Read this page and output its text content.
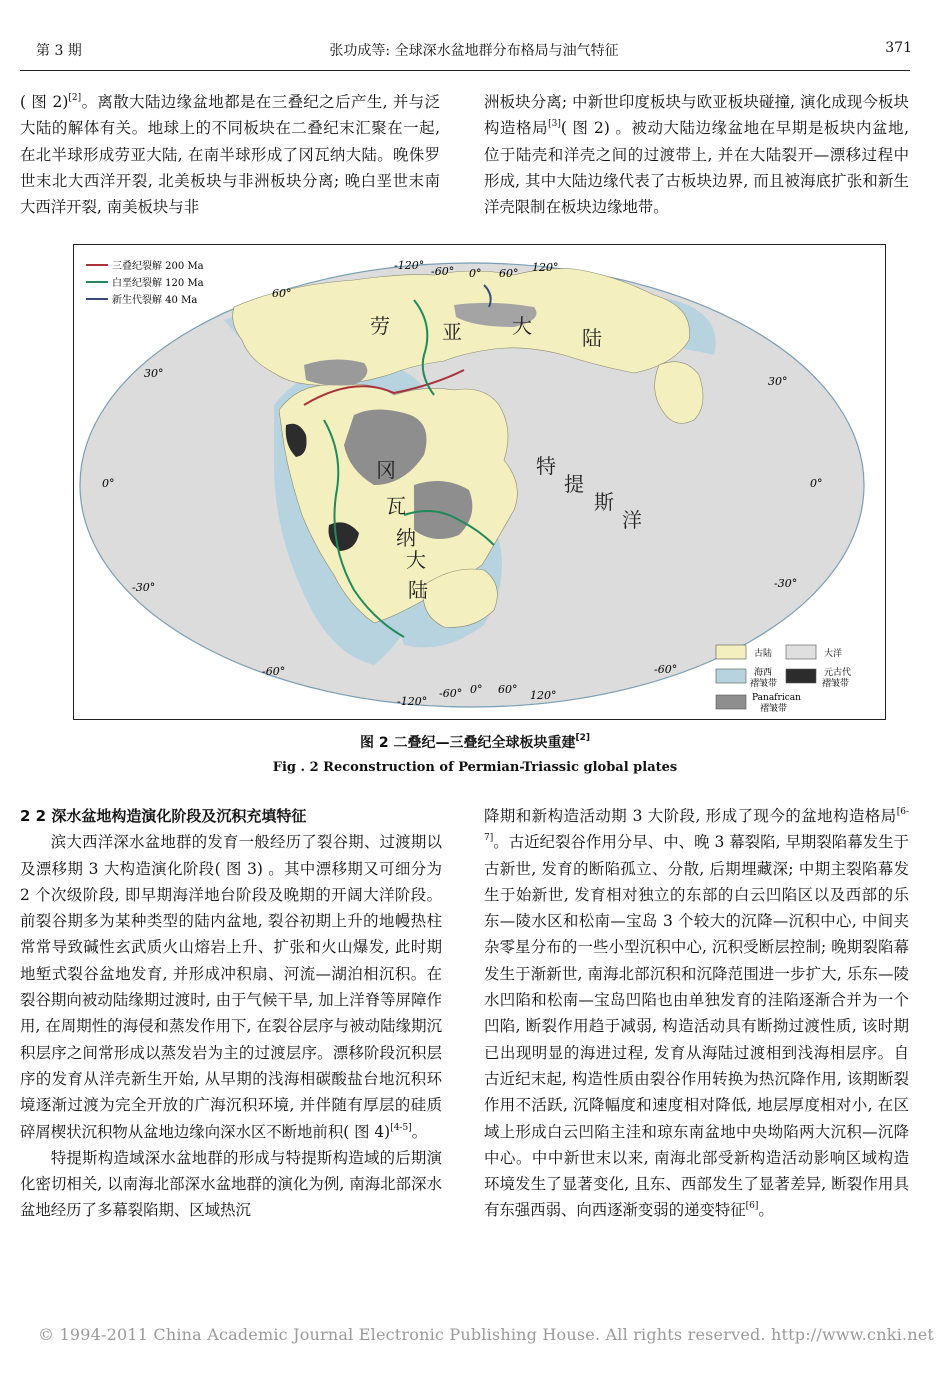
第 3 期	张功成等: 全球深水盆地群分布格局与油气特征	371

( 图 2)[2]。离散大陆边缘盆地都是在三叠纪之后产生, 并与泛大陆的解体有关。地球上的不同板块在二叠纪末汇聚在一起, 在北半球形成劳亚大陆, 在南半球形成了冈瓦纳大陆。晚侏罗世末北大西洋开裂, 北美板块与非洲板块分离; 晚白垩世末南大西洋开裂, 南美板块与非

洲板块分离; 中新世印度板块与欧亚板块碰撞, 演化成现今板块构造格局[3]( 图 2) 。被动大陆边缘盆地在早期是板块内盆地, 位于陆壳和洋壳之间的过渡带上, 并在大陆裂开—漂移过程中形成, 其中大陆边缘代表了古板块边界, 而且被海底扩张和新生洋壳限制在板块边缘地带。

三叠纪裂解 200 Ma
白垩纪裂解 120 Ma
新生代裂解 40 Ma
-120° -60° 0° 60° 120°
-120°
-60° 0° 60° 120°
60°
30°
30°
0°	0°
-30°	-30°
-60°	-60°
劳	亚	大	陆
冈
瓦
纳
大
陆
特
提
斯
洋
古陆	大洋
海西
褶皱带
元古代
褶皱带
Panafrican
褶皱带
图 2 二叠纪—三叠纪全球板块重建[2]
Fig . 2 Reconstruction of Permian-Triassic global plates

2 2 深水盆地构造演化阶段及沉积充填特征

滨大西洋深水盆地群的发育一般经历了裂谷期、过渡期以及漂移期 3 大构造演化阶段( 图 3) 。其中漂移期又可细分为 2 个次级阶段, 即早期海洋地台阶段及晚期的开阔大洋阶段。前裂谷期多为某种类型的陆内盆地, 裂谷初期上升的地幔热柱常常导致碱性玄武质火山熔岩上升、扩张和火山爆发, 此时期地堑式裂谷盆地发育, 并形成冲积扇、河流—湖泊相沉积。在裂谷期向被动陆缘期过渡时, 由于气候干旱, 加上洋脊等屏障作用, 在周期性的海侵和蒸发作用下, 在裂谷层序与被动陆缘期沉积层序之间常形成以蒸发岩为主的过渡层序。漂移阶段沉积层序的发育从洋壳新生开始, 从早期的浅海相碳酸盐台地沉积环境逐渐过渡为完全开放的广海沉积环境, 并伴随有厚层的硅质碎屑楔状沉积物从盆地边缘向深水区不断地前积( 图 4)[4-5]。

特提斯构造域深水盆地群的形成与特提斯构造域的后期演化密切相关, 以南海北部深水盆地群的演化为例, 南海北部深水盆地经历了多幕裂陷期、区域热沉

降期和新构造活动期 3 大阶段, 形成了现今的盆地构造格局[6-7]。古近纪裂谷作用分早、中、晚 3 幕裂陷, 早期裂陷幕发生于古新世, 发育的断陷孤立、分散, 后期埋藏深; 中期主裂陷幕发生于始新世, 发育相对独立的东部的白云凹陷区以及西部的乐东—陵水区和松南—宝岛 3 个较大的沉降—沉积中心, 中间夹杂零星分布的一些小型沉积中心, 沉积受断层控制; 晚期裂陷幕发生于渐新世, 南海北部沉积和沉降范围进一步扩大, 乐东—陵水凹陷和松南—宝岛凹陷也由单独发育的洼陷逐渐合并为一个凹陷, 断裂作用趋于减弱, 构造活动具有断拗过渡性质, 该时期已出现明显的海进过程, 发育从海陆过渡相到浅海相层序。自古近纪末起, 构造性质由裂谷作用转换为热沉降作用, 该期断裂作用不活跃, 沉降幅度和速度相对降低, 地层厚度相对小, 在区域上形成白云凹陷主洼和琼东南盆地中央坳陷两大沉积—沉降中心。中中新世末以来, 南海北部受新构造活动影响区域构造环境发生了显著变化, 且东、西部发生了显著差异, 断裂作用具有东强西弱、向西逐渐变弱的递变特征[6]。

© 1994-2011 China Academic Journal Electronic Publishing House. All rights reserved. http://www.cnki.net
